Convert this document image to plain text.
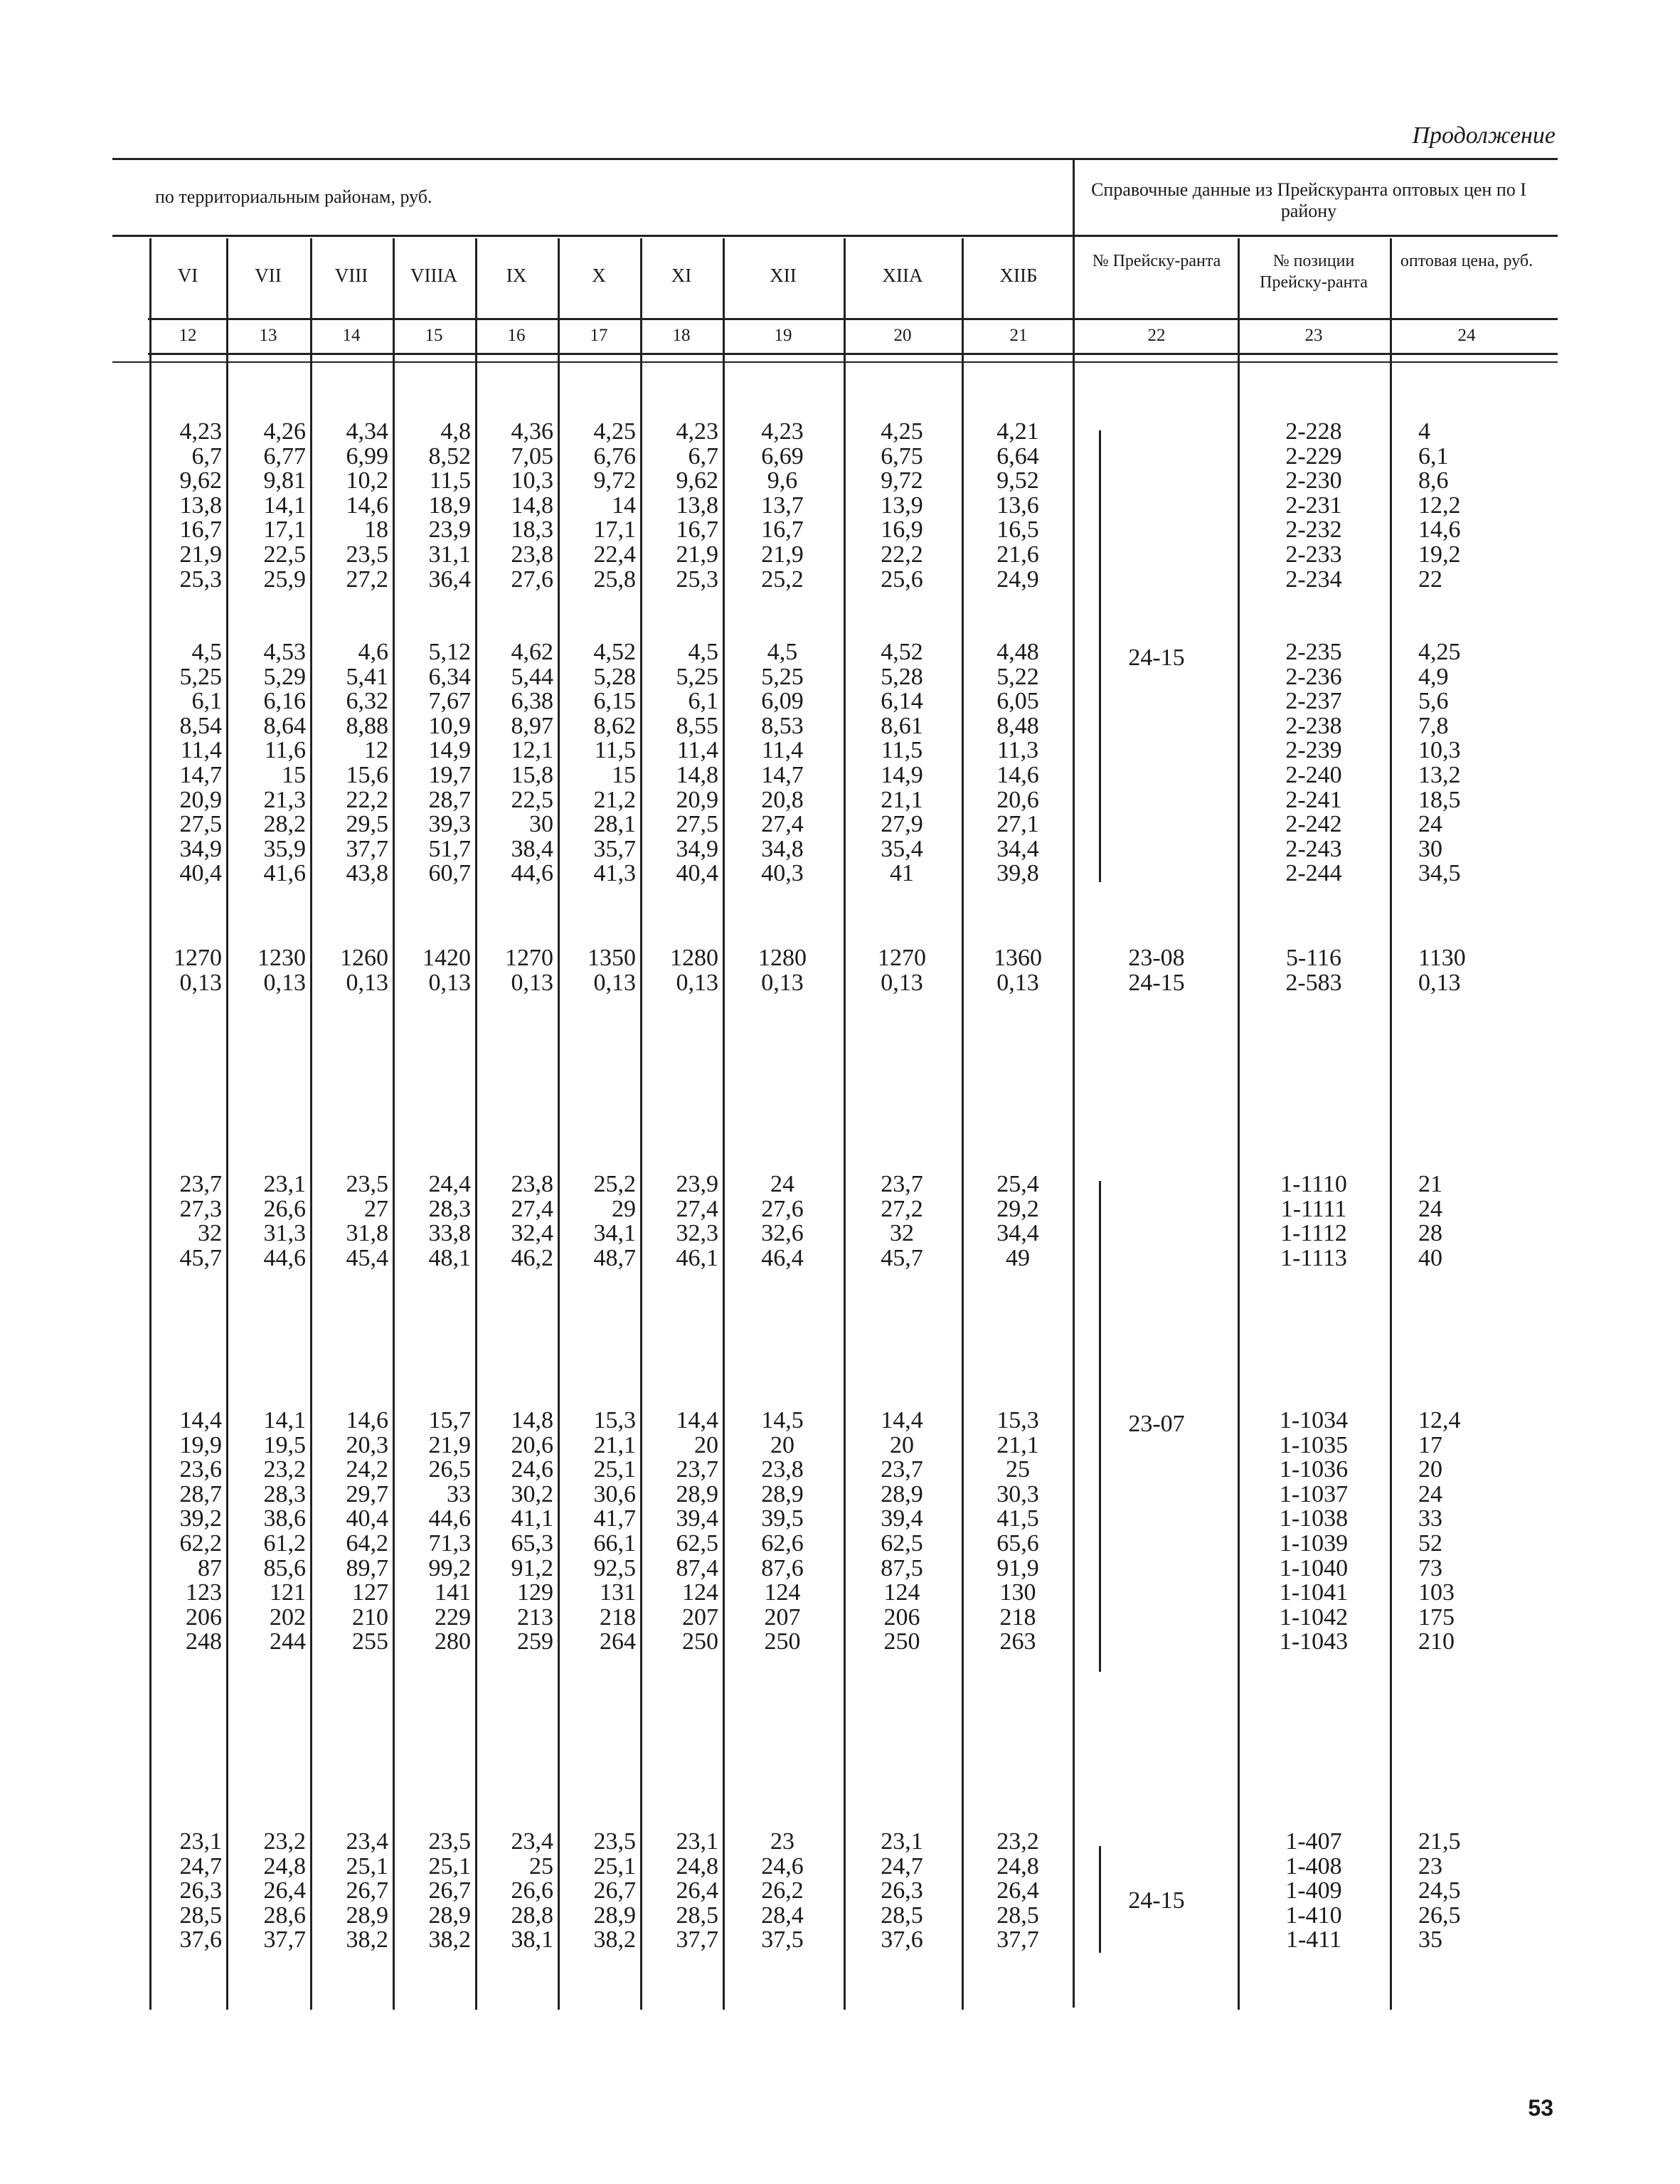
Продолжение
по территориальным районам, руб.	Справочные данные из Прейскуранта оптовых цен по I району
VI
12
VII
13
VIII
14
VIIIA
15
IX
16
X
17
XI
18
XII
19
XIIA
20
XIIБ
21
№ Прейску-ранта
22
№ позиции Прейску-ранта
23
оптовая цена, руб.
24
4,23
6,7
9,62
13,8
16,7
21,9
25,3
4,26
6,77
9,81
14,1
17,1
22,5
25,9
4,34
6,99
10,2
14,6
18
23,5
27,2
4,8
8,52
11,5
18,9
23,9
31,1
36,4
4,36
7,05
10,3
14,8
18,3
23,8
27,6
4,25
6,76
9,72
14
17,1
22,4
25,8
4,23
6,7
9,62
13,8
16,7
21,9
25,3
4,23
6,69
9,6
13,7
16,7
21,9
25,2
4,25
6,75
9,72
13,9
16,9
22,2
25,6
4,21
6,64
9,52
13,6
16,5
21,6
24,9
2-228
2-229
2-230
2-231
2-232
2-233
2-234
4
6,1
8,6
12,2
14,6
19,2
22
4,5
5,25
6,1
8,54
11,4
14,7
20,9
27,5
34,9
40,4
4,53
5,29
6,16
8,64
11,6
15
21,3
28,2
35,9
41,6
4,6
5,41
6,32
8,88
12
15,6
22,2
29,5
37,7
43,8
5,12
6,34
7,67
10,9
14,9
19,7
28,7
39,3
51,7
60,7
4,62
5,44
6,38
8,97
12,1
15,8
22,5
30
38,4
44,6
4,52
5,28
6,15
8,62
11,5
15
21,2
28,1
35,7
41,3
4,5
5,25
6,1
8,55
11,4
14,8
20,9
27,5
34,9
40,4
4,5
5,25
6,09
8,53
11,4
14,7
20,8
27,4
34,8
40,3
4,52
5,28
6,14
8,61
11,5
14,9
21,1
27,9
35,4
41
4,48
5,22
6,05
8,48
11,3
14,6
20,6
27,1
34,4
39,8
2-235
2-236
2-237
2-238
2-239
2-240
2-241
2-242
2-243
2-244
4,25
4,9
5,6
7,8
10,3
13,2
18,5
24
30
34,5
1270
0,13
1230
0,13
1260
0,13
1420
0,13
1270
0,13
1350
0,13
1280
0,13
1280
0,13
1270
0,13
1360
0,13
5-116
2-583
1130
0,13
23-08
24-15
23,7
27,3
32
45,7
23,1
26,6
31,3
44,6
23,5
27
31,8
45,4
24,4
28,3
33,8
48,1
23,8
27,4
32,4
46,2
25,2
29
34,1
48,7
23,9
27,4
32,3
46,1
24
27,6
32,6
46,4
23,7
27,2
32
45,7
25,4
29,2
34,4
49
1-1110
1-1111
1-1112
1-1113
21
24
28
40
14,4
19,9
23,6
28,7
39,2
62,2
87
123
206
248
14,1
19,5
23,2
28,3
38,6
61,2
85,6
121
202
244
14,6
20,3
24,2
29,7
40,4
64,2
89,7
127
210
255
15,7
21,9
26,5
33
44,6
71,3
99,2
141
229
280
14,8
20,6
24,6
30,2
41,1
65,3
91,2
129
213
259
15,3
21,1
25,1
30,6
41,7
66,1
92,5
131
218
264
14,4
20
23,7
28,9
39,4
62,5
87,4
124
207
250
14,5
20
23,8
28,9
39,5
62,6
87,6
124
207
250
14,4
20
23,7
28,9
39,4
62,5
87,5
124
206
250
15,3
21,1
25
30,3
41,5
65,6
91,9
130
218
263
1-1034
1-1035
1-1036
1-1037
1-1038
1-1039
1-1040
1-1041
1-1042
1-1043
12,4
17
20
24
33
52
73
103
175
210
23,1
24,7
26,3
28,5
37,6
23,2
24,8
26,4
28,6
37,7
23,4
25,1
26,7
28,9
38,2
23,5
25,1
26,7
28,9
38,2
23,4
25
26,6
28,8
38,1
23,5
25,1
26,7
28,9
38,2
23,1
24,8
26,4
28,5
37,7
23
24,6
26,2
28,4
37,5
23,1
24,7
26,3
28,5
37,6
23,2
24,8
26,4
28,5
37,7
1-407
1-408
1-409
1-410
1-411
21,5
23
24,5
26,5
35
24-15
23-07
24-15
53
